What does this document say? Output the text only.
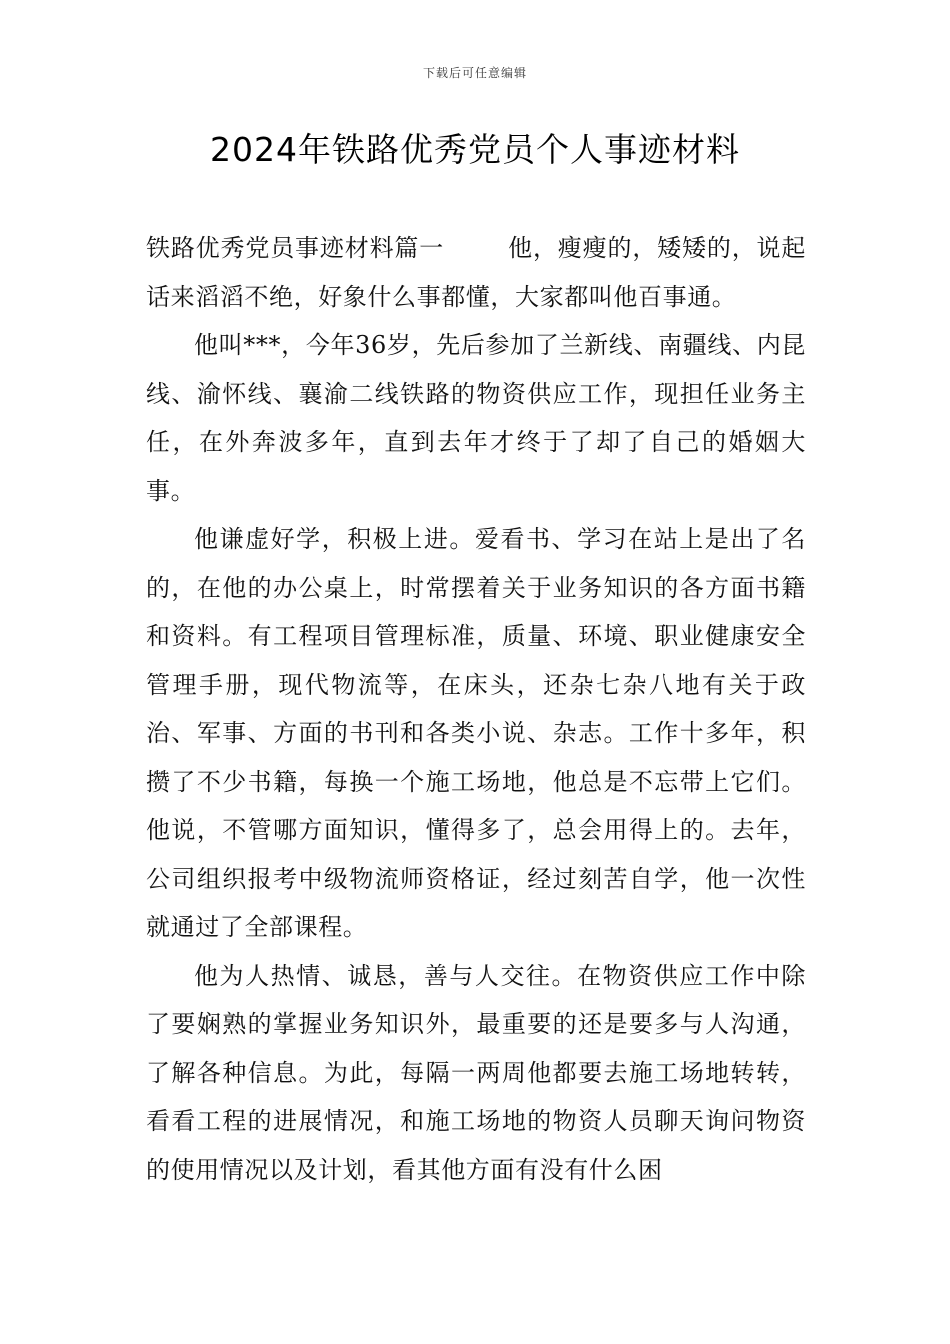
下载后可任意编辑
2024年铁路优秀党员个人事迹材料

铁路优秀党员事迹材料篇一	他，瘦瘦的，矮矮的，说起话来滔滔不绝，好象什么事都懂，大家都叫他百事通。

他叫***，今年36岁，先后参加了兰新线、南疆线、内昆线、渝怀线、襄渝二线铁路的物资供应工作，现担任业务主任，在外奔波多年，直到去年才终于了却了自己的婚姻大事。

他谦虚好学，积极上进。爱看书、学习在站上是出了名的，在他的办公桌上，时常摆着关于业务知识的各方面书籍和资料。有工程项目管理标准，质量、环境、职业健康安全管理手册，现代物流等，在床头，还杂七杂八地有关于政治、军事、方面的书刊和各类小说、杂志。工作十多年，积攒了不少书籍，每换一个施工场地，他总是不忘带上它们。他说，不管哪方面知识，懂得多了，总会用得上的。去年，公司组织报考中级物流师资格证，经过刻苦自学，他一次性就通过了全部课程。

他为人热情、诚恳，善与人交往。在物资供应工作中除了要娴熟的掌握业务知识外，最重要的还是要多与人沟通，了解各种信息。为此，每隔一两周他都要去施工场地转转，看看工程的进展情况，和施工场地的物资人员聊天询问物资的使用情况以及计划，看其他方面有没有什么困
